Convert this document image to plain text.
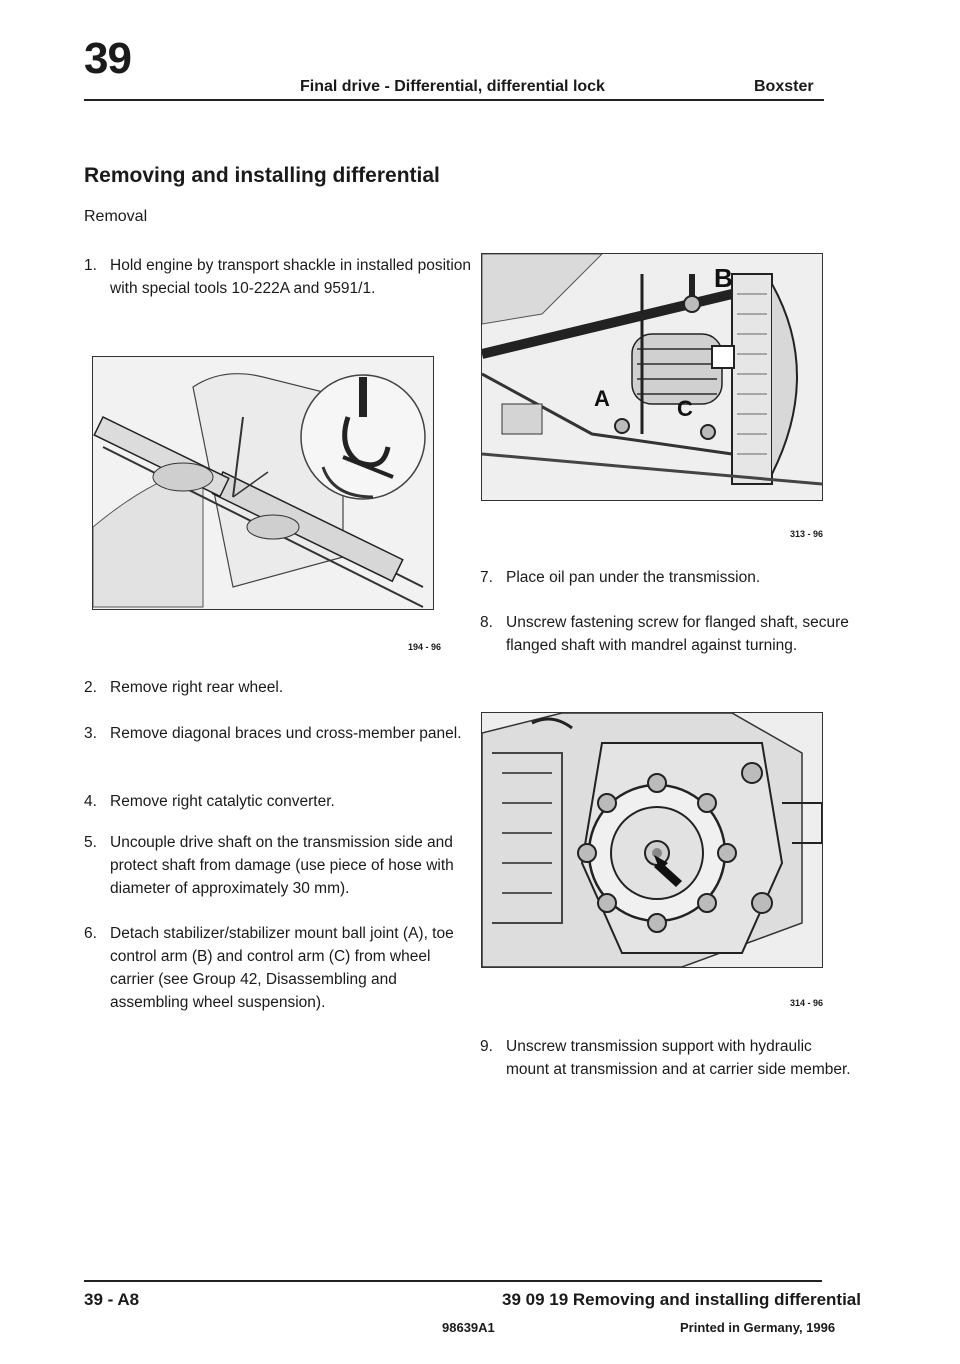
39
Final drive - Differential, differential lock	Boxster
Removing and installing differential
Removal
1. Hold engine by transport shackle in installed position with special tools 10-222A and 9591/1.
194 - 96
2. Remove right rear wheel.
3. Remove diagonal braces und cross-member panel.
4. Remove right catalytic converter.
5. Uncouple drive shaft on the transmission side and protect shaft from damage (use piece of hose with diameter of approximately 30 mm).
6. Detach stabilizer/stabilizer mount ball joint (A), toe control arm (B) and control arm (C) from wheel carrier (see Group 42, Disassembling and assembling wheel suspension).
B
A	C
313 - 96
7. Place oil pan under the transmission.
8. Unscrew fastening screw for flanged shaft, secure flanged shaft with mandrel against turning.
314 - 96
9. Unscrew transmission support with hydraulic mount at transmission and at carrier side member.
39 - A8	39 09 19 Removing and installing differential
98639A1	Printed in Germany, 1996
